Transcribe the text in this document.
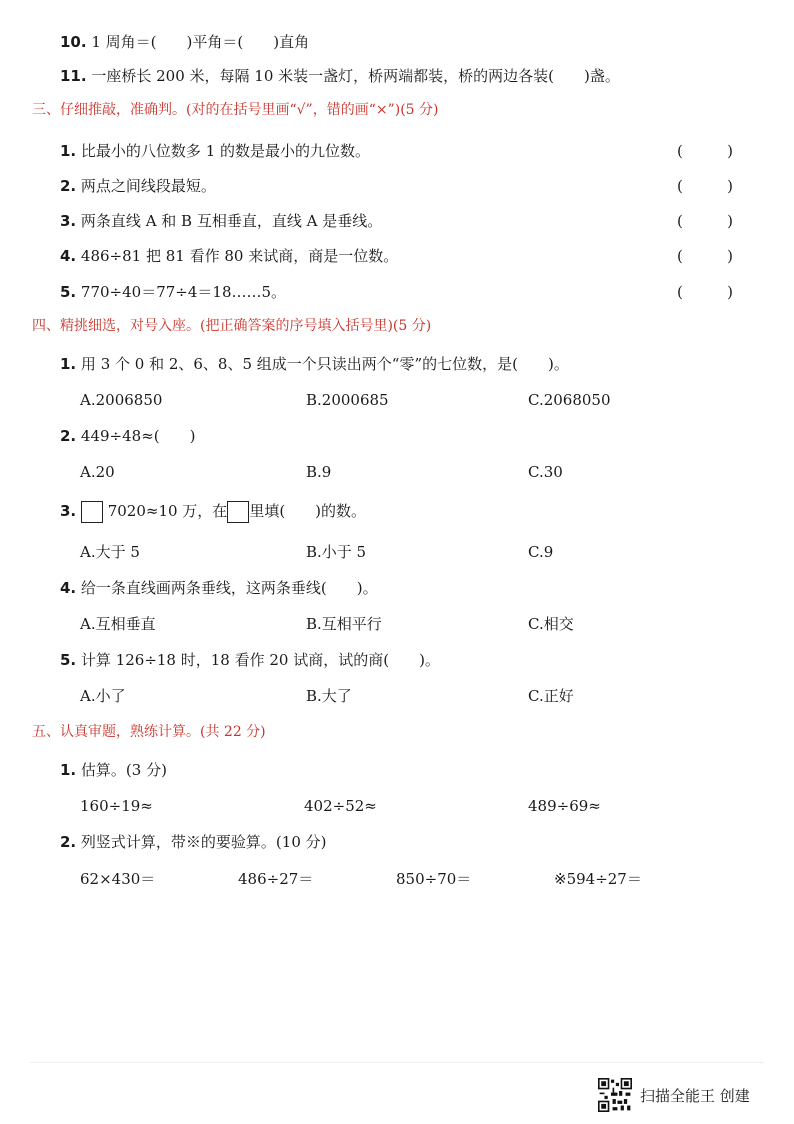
10. 1 周角＝(　　)平角＝(　　)直角
11. 一座桥长 200 米，每隔 10 米装一盏灯，桥两端都装，桥的两边各装(　　)盏。
三、仔细推敲，准确判。(对的在括号里画“√”，错的画“×”)(5 分)
1. 比最小的八位数多 1 的数是最小的九位数。	(	)
2. 两点之间线段最短。	(	)
3. 两条直线 A 和 B 互相垂直，直线 A 是垂线。	(	)
4. 486÷81 把 81 看作 80 来试商，商是一位数。	(	)
5. 770÷40＝77÷4＝18……5。	(	)
四、精挑细选，对号入座。(把正确答案的序号填入括号里)(5 分)
1. 用 3 个 0 和 2、6、8、5 组成一个只读出两个“零”的七位数，是(　　)。
A.2006850	B.2000685	C.2068050
2. 449÷48≈(　　)
A.20	B.9	C.30
3. 7020≈10 万，在 里填(　　)的数。
A.大于 5	B.小于 5	C.9
4. 给一条直线画两条垂线，这两条垂线(　　)。
A.互相垂直	B.互相平行	C.相交
5. 计算 126÷18 时，18 看作 20 试商，试的商(　　)。
A.小了	B.大了	C.正好
五、认真审题，熟练计算。(共 22 分)
1. 估算。(3 分)
160÷19≈	402÷52≈	489÷69≈
2. 列竖式计算，带※的要验算。(10 分)
62×430＝	486÷27＝	850÷70＝	※594÷27＝
扫描全能王 创建
